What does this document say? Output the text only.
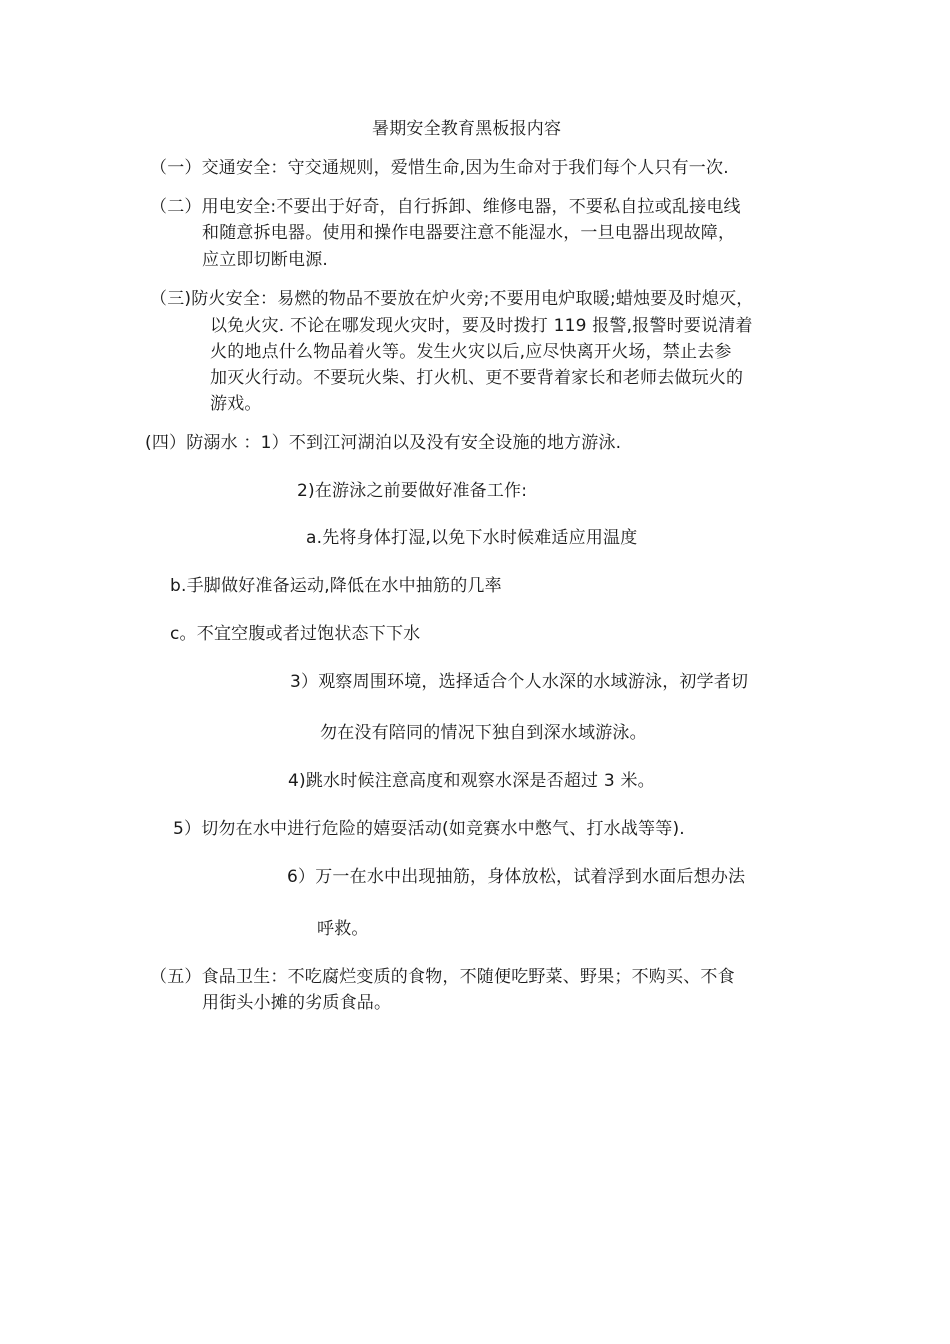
暑期安全教育黑板报内容
（一）交通安全：守交通规则，爱惜生命,因为生命对于我们每个人只有一次.
（二）用电安全:不要出于好奇，自行拆卸、维修电器，不要私自拉或乱接电线
和随意拆电器。使用和操作电器要注意不能湿水，一旦电器出现故障，
应立即切断电源.
（三)防火安全：易燃的物品不要放在炉火旁;不要用电炉取暖;蜡烛要及时熄灭，
以免火灾. 不论在哪发现火灾时，要及时拨打 119 报警,报警时要说清着
火的地点什么物品着火等。发生火灾以后,应尽快离开火场，禁止去参
加灭火行动。不要玩火柴、打火机、更不要背着家长和老师去做玩火的
游戏。
(四）防溺水 ：1）不到江河湖泊以及没有安全设施的地方游泳.
2)在游泳之前要做好准备工作:
a.先将身体打湿,以免下水时候难适应用温度
b.手脚做好准备运动,降低在水中抽筋的几率
c。不宜空腹或者过饱状态下下水
3）观察周围环境，选择适合个人水深的水域游泳，初学者切
勿在没有陪同的情况下独自到深水域游泳。
4)跳水时候注意高度和观察水深是否超过 3 米。
5）切勿在水中进行危险的嬉耍活动(如竞赛水中憋气、打水战等等).
6）万一在水中出现抽筋，身体放松，试着浮到水面后想办法
呼救。
（五）食品卫生：不吃腐烂变质的食物，不随便吃野菜、野果；不购买、不食
用街头小摊的劣质食品。
